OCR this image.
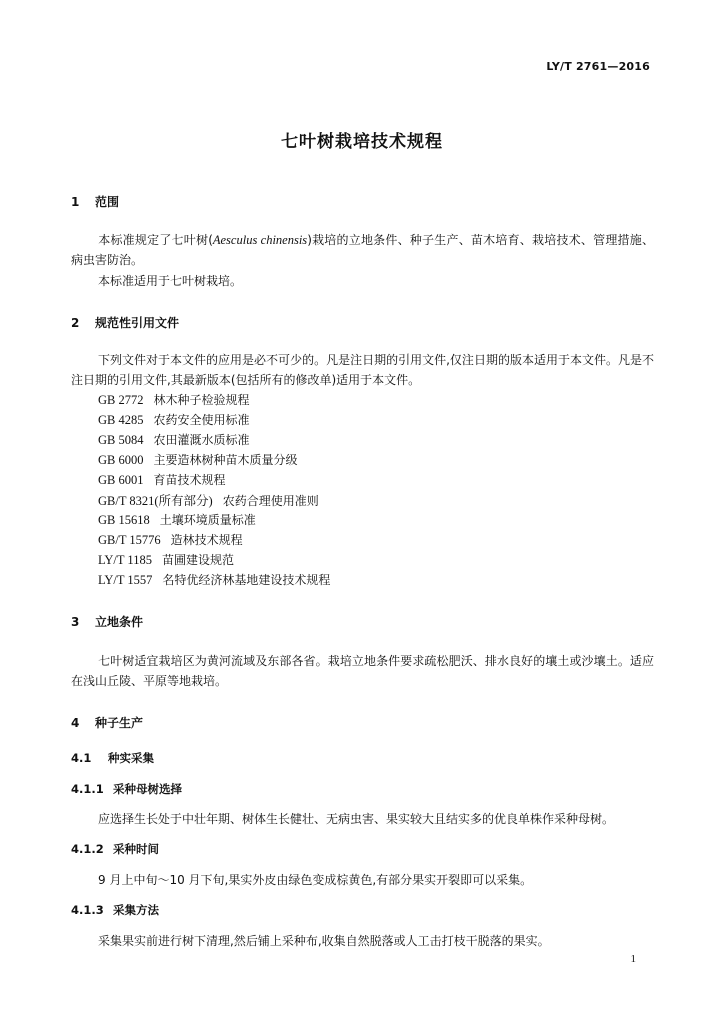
LY/T 2761—2016
七叶树栽培技术规程
1 范围
本标准规定了七叶树(Aesculus chinensis)栽培的立地条件、种子生产、苗木培育、栽培技术、管理措施、病虫害防治。
本标准适用于七叶树栽培。
2 规范性引用文件
下列文件对于本文件的应用是必不可少的。凡是注日期的引用文件,仅注日期的版本适用于本文件。凡是不注日期的引用文件,其最新版本(包括所有的修改单)适用于本文件。
GB 2772 林木种子检验规程
GB 4285 农药安全使用标准
GB 5084 农田灌溉水质标准
GB 6000 主要造林树种苗木质量分级
GB 6001 育苗技术规程
GB/T 8321(所有部分) 农药合理使用准则
GB 15618 土壤环境质量标准
GB/T 15776 造林技术规程
LY/T 1185 苗圃建设规范
LY/T 1557 名特优经济林基地建设技术规程
3 立地条件
七叶树适宜栽培区为黄河流域及东部各省。栽培立地条件要求疏松肥沃、排水良好的壤土或沙壤土。适应在浅山丘陵、平原等地栽培。
4 种子生产
4.1 种实采集
4.1.1 采种母树选择
应选择生长处于中壮年期、树体生长健壮、无病虫害、果实较大且结实多的优良单株作采种母树。
4.1.2 采种时间
9 月上中旬～10 月下旬,果实外皮由绿色变成棕黄色,有部分果实开裂即可以采集。
4.1.3 采集方法
采集果实前进行树下清理,然后铺上采种布,收集自然脱落或人工击打枝干脱落的果实。
1
